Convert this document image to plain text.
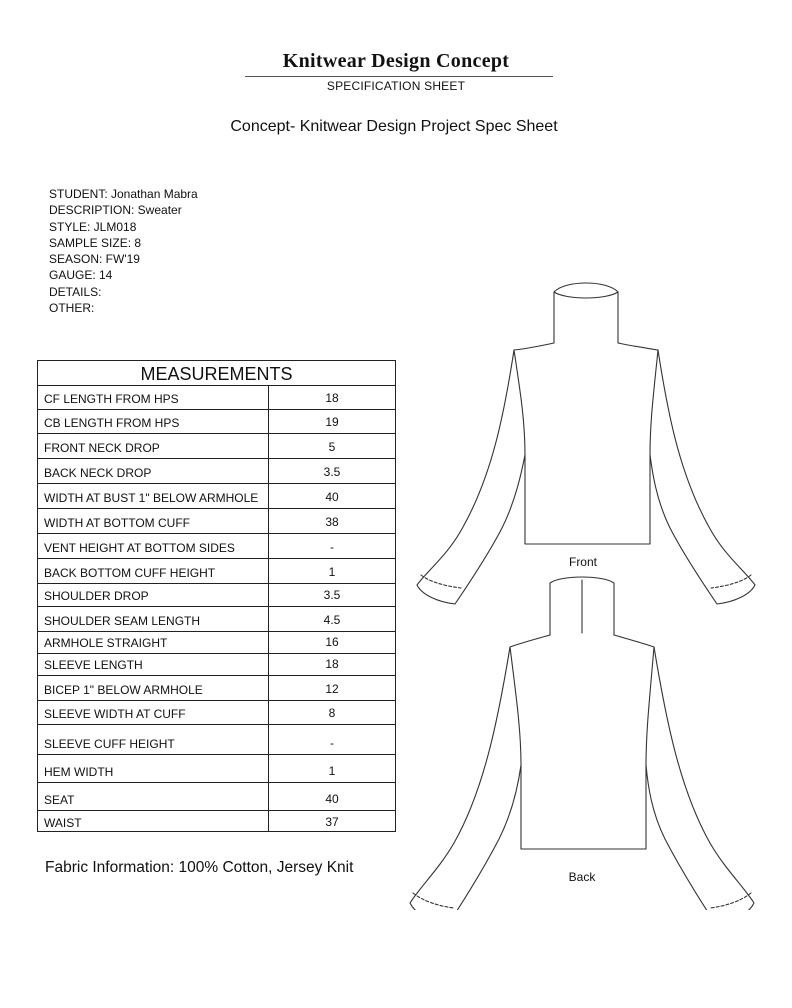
Knitwear Design Concept
SPECIFICATION SHEET
Concept- Knitwear Design Project Spec Sheet
STUDENT: Jonathan Mabra
DESCRIPTION: Sweater
STYLE: JLM018
SAMPLE SIZE: 8
SEASON: FW'19
GAUGE: 14
DETAILS:
OTHER:
MEASUREMENTS
CF LENGTH FROM HPS	18
CB LENGTH FROM HPS	19
FRONT NECK DROP	5
BACK NECK DROP	3.5
WIDTH AT BUST 1" BELOW ARMHOLE	40
WIDTH AT BOTTOM CUFF	38
VENT HEIGHT AT BOTTOM SIDES	-
BACK BOTTOM CUFF HEIGHT	1
SHOULDER DROP	3.5
SHOULDER SEAM LENGTH	4.5
ARMHOLE STRAIGHT	16
SLEEVE LENGTH	18
BICEP 1" BELOW ARMHOLE	12
SLEEVE WIDTH AT CUFF	8
SLEEVE CUFF HEIGHT	-
HEM WIDTH	1
SEAT	40
WAIST	37
Fabric Information: 100% Cotton, Jersey Knit
Front
Back
